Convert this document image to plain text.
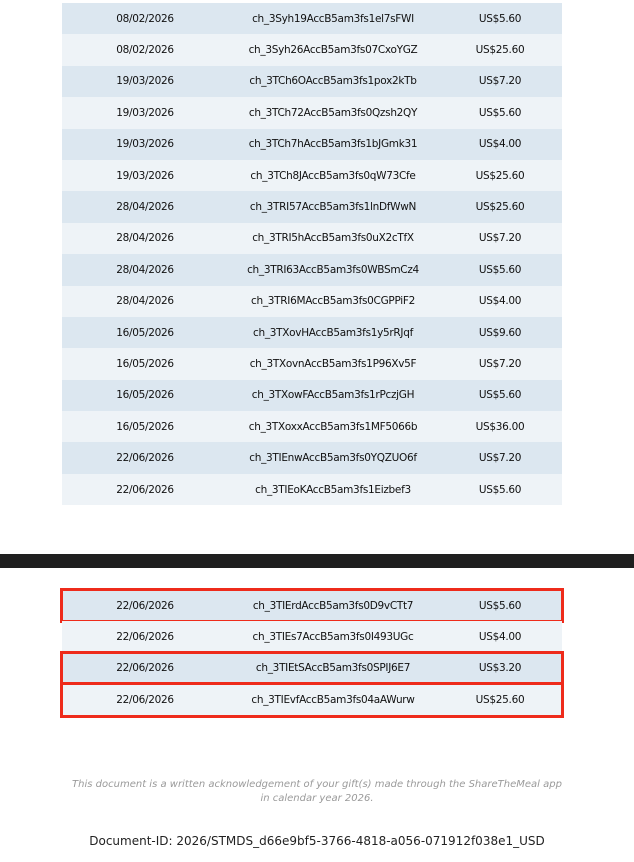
08/02/2026	ch_3Syh19AccB5am3fs1el7sFWI	US$5.60
08/02/2026	ch_3Syh26AccB5am3fs07CxoYGZ	US$25.60
19/03/2026	ch_3TCh6OAccB5am3fs1pox2kTb	US$7.20
19/03/2026	ch_3TCh72AccB5am3fs0Qzsh2QY	US$5.60
19/03/2026	ch_3TCh7hAccB5am3fs1bJGmk31	US$4.00
19/03/2026	ch_3TCh8JAccB5am3fs0qW73Cfe	US$25.60
28/04/2026	ch_3TRI57AccB5am3fs1lnDfWwN	US$25.60
28/04/2026	ch_3TRI5hAccB5am3fs0uX2cTfX	US$7.20
28/04/2026	ch_3TRI63AccB5am3fs0WBSmCz4	US$5.60
28/04/2026	ch_3TRI6MAccB5am3fs0CGPPiF2	US$4.00
16/05/2026	ch_3TXovHAccB5am3fs1y5rRJqf	US$9.60
16/05/2026	ch_3TXovnAccB5am3fs1P96Xv5F	US$7.20
16/05/2026	ch_3TXowFAccB5am3fs1rPczjGH	US$5.60
16/05/2026	ch_3TXoxxAccB5am3fs1MF5066b	US$36.00
22/06/2026	ch_3TIEnwAccB5am3fs0YQZUO6f	US$7.20
22/06/2026	ch_3TIEoKAccB5am3fs1Eizbef3	US$5.60
22/06/2026	ch_3TIErdAccB5am3fs0D9vCTt7	US$5.60
22/06/2026	ch_3TIEs7AccB5am3fs0I493UGc	US$4.00
22/06/2026	ch_3TIEtSAccB5am3fs0SPIJ6E7	US$3.20
22/06/2026	ch_3TIEvfAccB5am3fs04aAWurw	US$25.60
This document is a written acknowledgement of your gift(s) made through the ShareTheMeal app in calendar year 2026.
Document-ID: 2026/STMDS_d66e9bf5-3766-4818-a056-071912f038e1_USD
